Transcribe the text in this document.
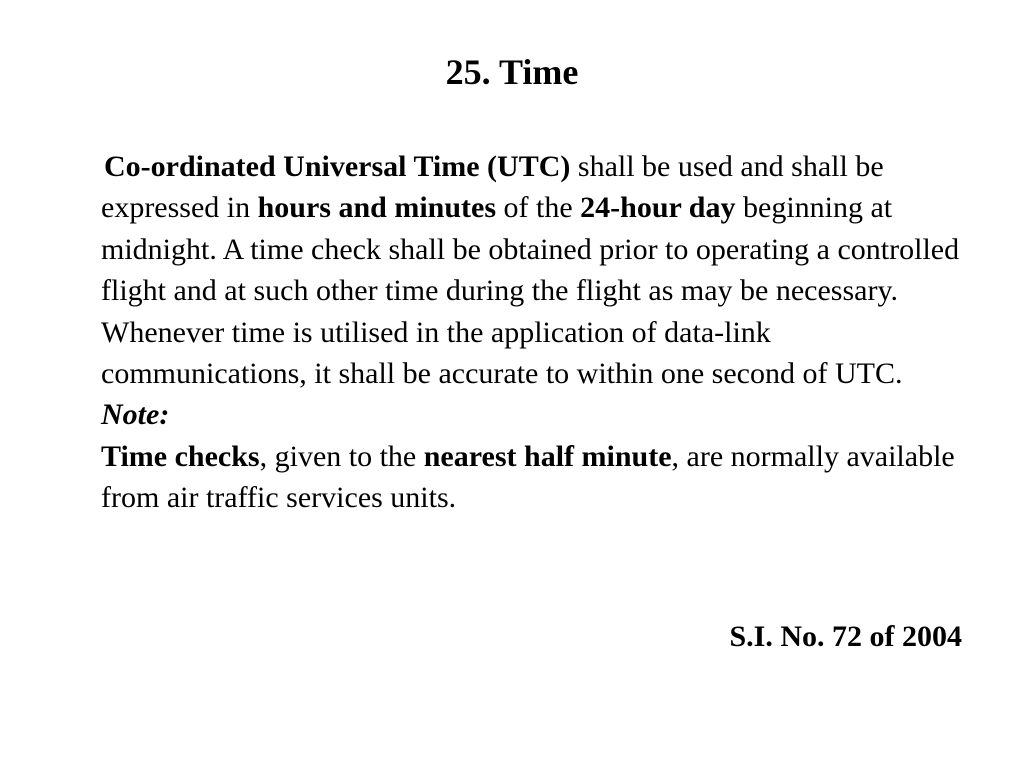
25. Time

Co-ordinated Universal Time (UTC) shall be used and shall be expressed in hours and minutes of the 24-hour day beginning at midnight. A time check shall be obtained prior to operating a controlled flight and at such other time during the flight as may be necessary. Whenever time is utilised in the application of data-link communications, it shall be accurate to within one second of UTC.

Note:

Time checks, given to the nearest half minute, are normally available from air traffic services units.

S.I. No. 72 of 2004
